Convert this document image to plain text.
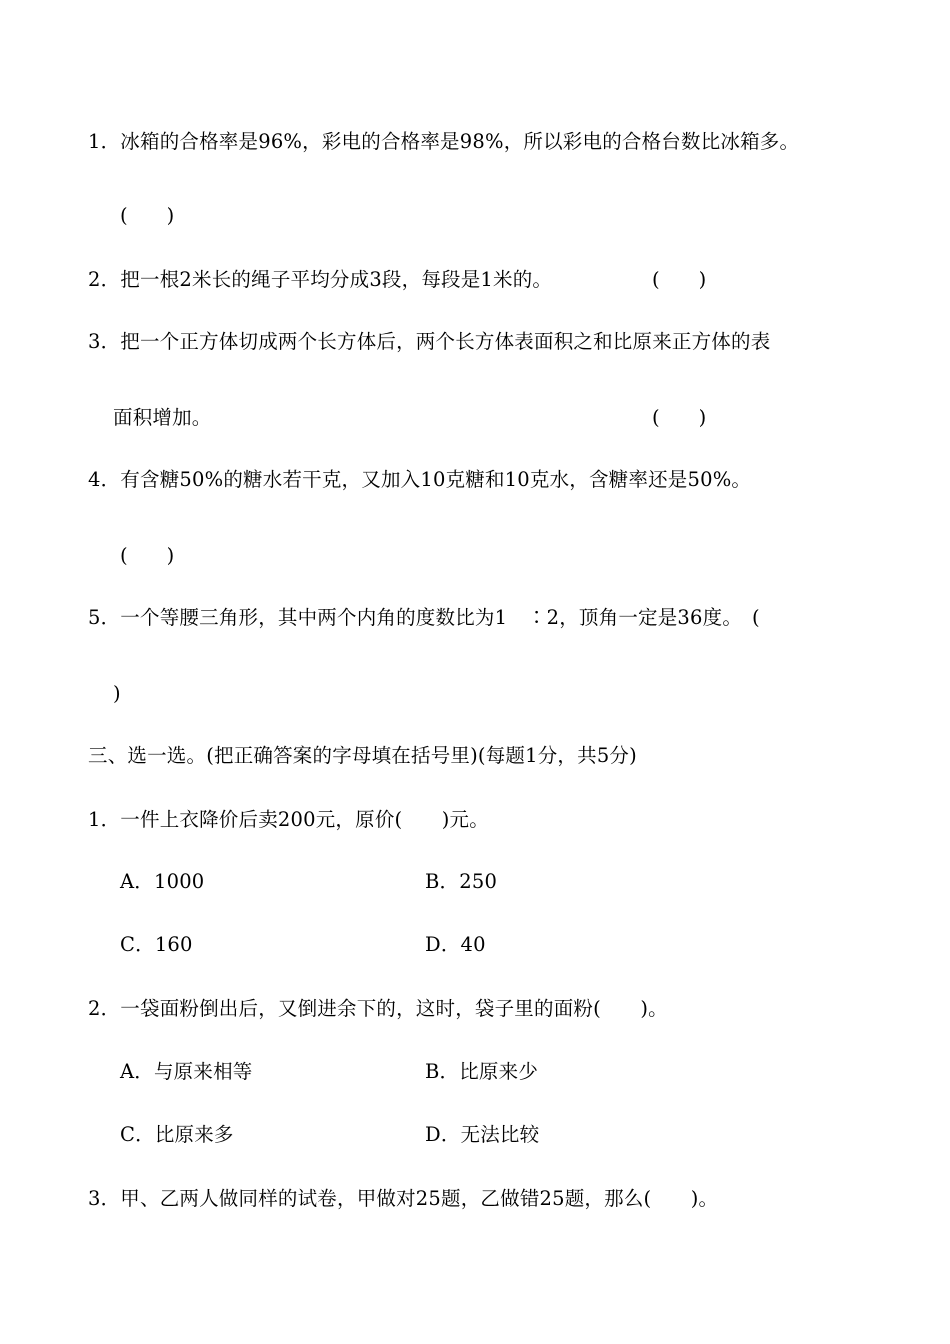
1．冰箱的合格率是96%，彩电的合格率是98%，所以彩电的合格台数比冰箱多。
(　　)
2．把一根2米长的绳子平均分成3段，每段是1米的。	(　　)
3．把一个正方体切成两个长方体后，两个长方体表面积之和比原来正方体的表
面积增加。	(　　)
4．有含糖50%的糖水若干克，又加入10克糖和10克水，含糖率还是50%。
(　　)
5．一个等腰三角形，其中两个内角的度数比为1　∶2，顶角一定是36度。　(
)
三、选一选。(把正确答案的字母填在括号里)(每题1分，共5分)
1．一件上衣降价后卖200元，原价(　　)元。
A．1000	B．250
C．160	D．40
2．一袋面粉倒出后，又倒进余下的，这时，袋子里的面粉(　　)。
A．与原来相等	B．比原来少
C．比原来多	D．无法比较
3．甲、乙两人做同样的试卷，甲做对25题，乙做错25题，那么(　　)。
